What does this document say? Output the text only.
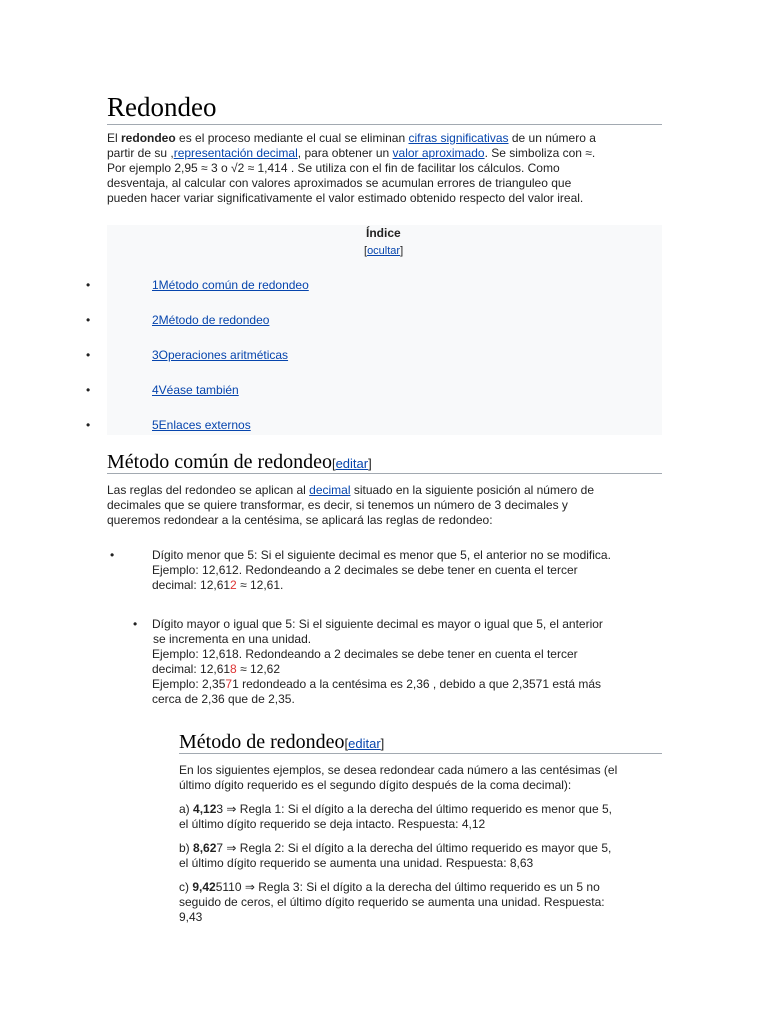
Redondeo
El redondeo es el proceso mediante el cual se eliminan cifras significativas de un número a
partir de su ,representación decimal, para obtener un valor aproximado. Se simboliza con ≈.
Por ejemplo 2,95 ≈ 3 o √2 ≈ 1,414 . Se utiliza con el fin de facilitar los cálculos. Como
desventaja, al calcular con valores aproximados se acumulan errores de trianguleo que
pueden hacer variar significativamente el valor estimado obtenido respecto del valor ireal.
Índice
[ocultar]
•	1Método común de redondeo
•	2Método de redondeo
•	3Operaciones aritméticas
•	4Véase también
•	5Enlaces externos
Método común de redondeo[editar]
Las reglas del redondeo se aplican al decimal situado en la siguiente posición al número de
decimales que se quiere transformar, es decir, si tenemos un número de 3 decimales y
queremos redondear a la centésima, se aplicará las reglas de redondeo:
•	Dígito menor que 5: Si el siguiente decimal es menor que 5, el anterior no se modifica.
Ejemplo: 12,612. Redondeando a 2 decimales se debe tener en cuenta el tercer
decimal: 12,612 ≈ 12,61.
• Dígito mayor o igual que 5: Si el siguiente decimal es mayor o igual que 5, el anterior
se incrementa en una unidad.
Ejemplo: 12,618. Redondeando a 2 decimales se debe tener en cuenta el tercer
decimal: 12,618 ≈ 12,62
Ejemplo: 2,3571 redondeado a la centésima es 2,36 , debido a que 2,3571 está más
cerca de 2,36 que de 2,35.
Método de redondeo[editar]
En los siguientes ejemplos, se desea redondear cada número a las centésimas (el
último dígito requerido es el segundo dígito después de la coma decimal):
a) 4,123 ⇒ Regla 1: Si el dígito a la derecha del último requerido es menor que 5,
el último dígito requerido se deja intacto. Respuesta: 4,12
b) 8,627 ⇒ Regla 2: Si el dígito a la derecha del último requerido es mayor que 5,
el último dígito requerido se aumenta una unidad. Respuesta: 8,63
c) 9,425110 ⇒ Regla 3: Si el dígito a la derecha del último requerido es un 5 no
seguido de ceros, el último dígito requerido se aumenta una unidad. Respuesta:
9,43
